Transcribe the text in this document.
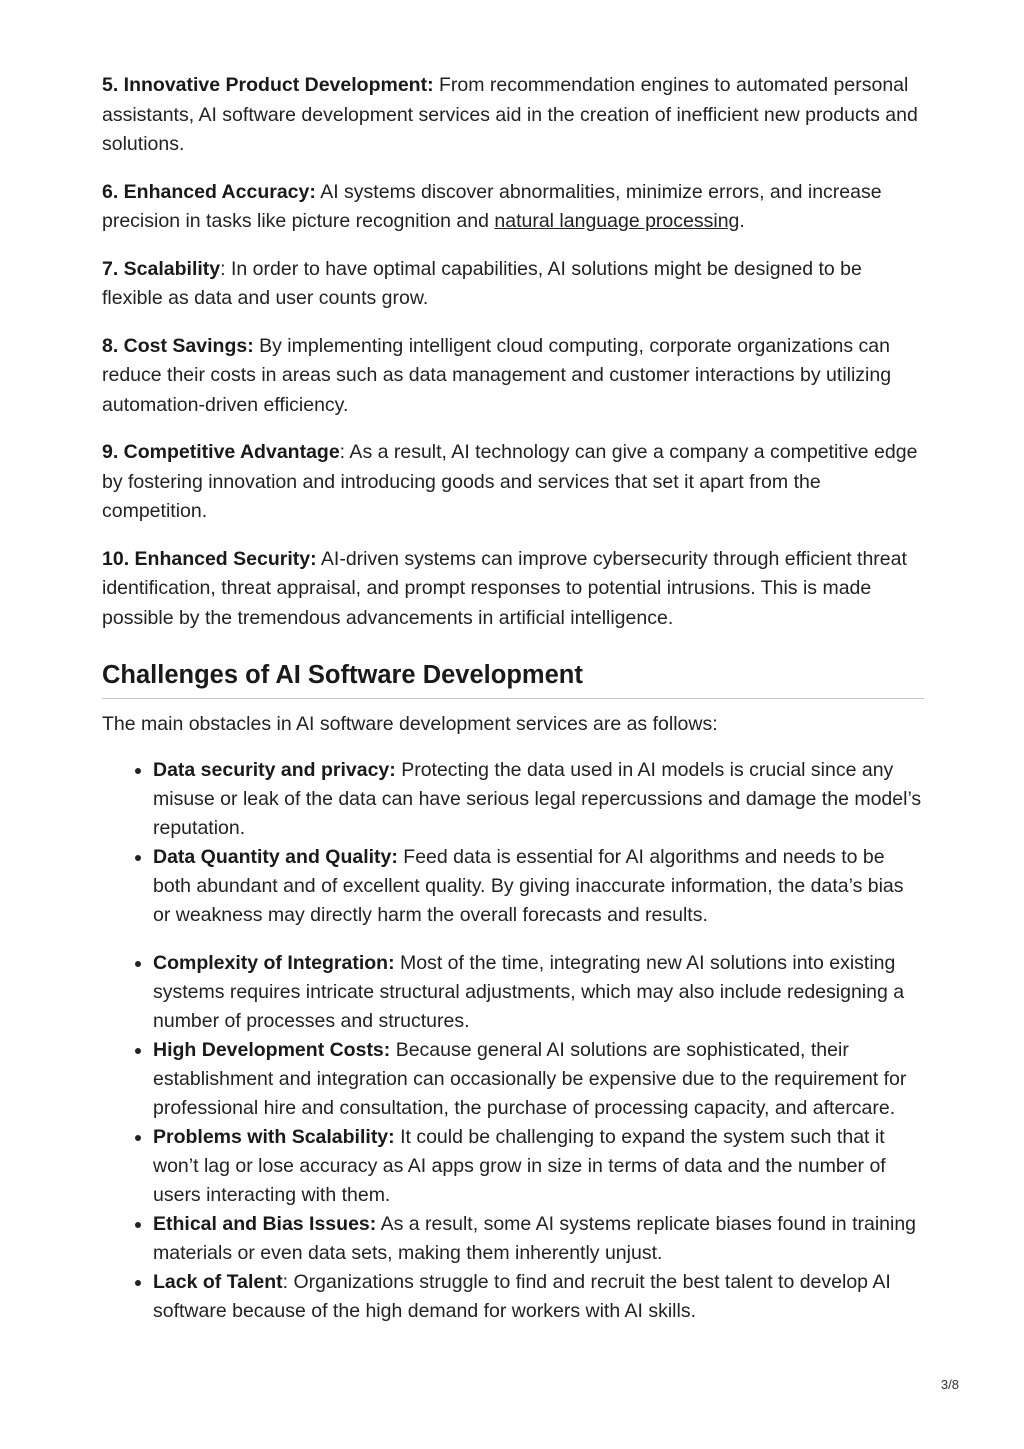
5. Innovative Product Development: From recommendation engines to automated personal assistants, AI software development services aid in the creation of inefficient new products and solutions.

6. Enhanced Accuracy: AI systems discover abnormalities, minimize errors, and increase precision in tasks like picture recognition and natural language processing.

7. Scalability: In order to have optimal capabilities, AI solutions might be designed to be flexible as data and user counts grow.

8. Cost Savings: By implementing intelligent cloud computing, corporate organizations can reduce their costs in areas such as data management and customer interactions by utilizing automation-driven efficiency.

9. Competitive Advantage: As a result, AI technology can give a company a competitive edge by fostering innovation and introducing goods and services that set it apart from the competition.

10. Enhanced Security: AI-driven systems can improve cybersecurity through efficient threat identification, threat appraisal, and prompt responses to potential intrusions. This is made possible by the tremendous advancements in artificial intelligence.

Challenges of AI Software Development

The main obstacles in AI software development services are as follows:

• Data security and privacy: Protecting the data used in AI models is crucial since any misuse or leak of the data can have serious legal repercussions and damage the model’s reputation.
• Data Quantity and Quality: Feed data is essential for AI algorithms and needs to be both abundant and of excellent quality. By giving inaccurate information, the data’s bias or weakness may directly harm the overall forecasts and results.
• Complexity of Integration: Most of the time, integrating new AI solutions into existing systems requires intricate structural adjustments, which may also include redesigning a number of processes and structures.
• High Development Costs: Because general AI solutions are sophisticated, their establishment and integration can occasionally be expensive due to the requirement for professional hire and consultation, the purchase of processing capacity, and aftercare.
• Problems with Scalability: It could be challenging to expand the system such that it won’t lag or lose accuracy as AI apps grow in size in terms of data and the number of users interacting with them.
• Ethical and Bias Issues: As a result, some AI systems replicate biases found in training materials or even data sets, making them inherently unjust.
• Lack of Talent: Organizations struggle to find and recruit the best talent to develop AI software because of the high demand for workers with AI skills.
3/8
